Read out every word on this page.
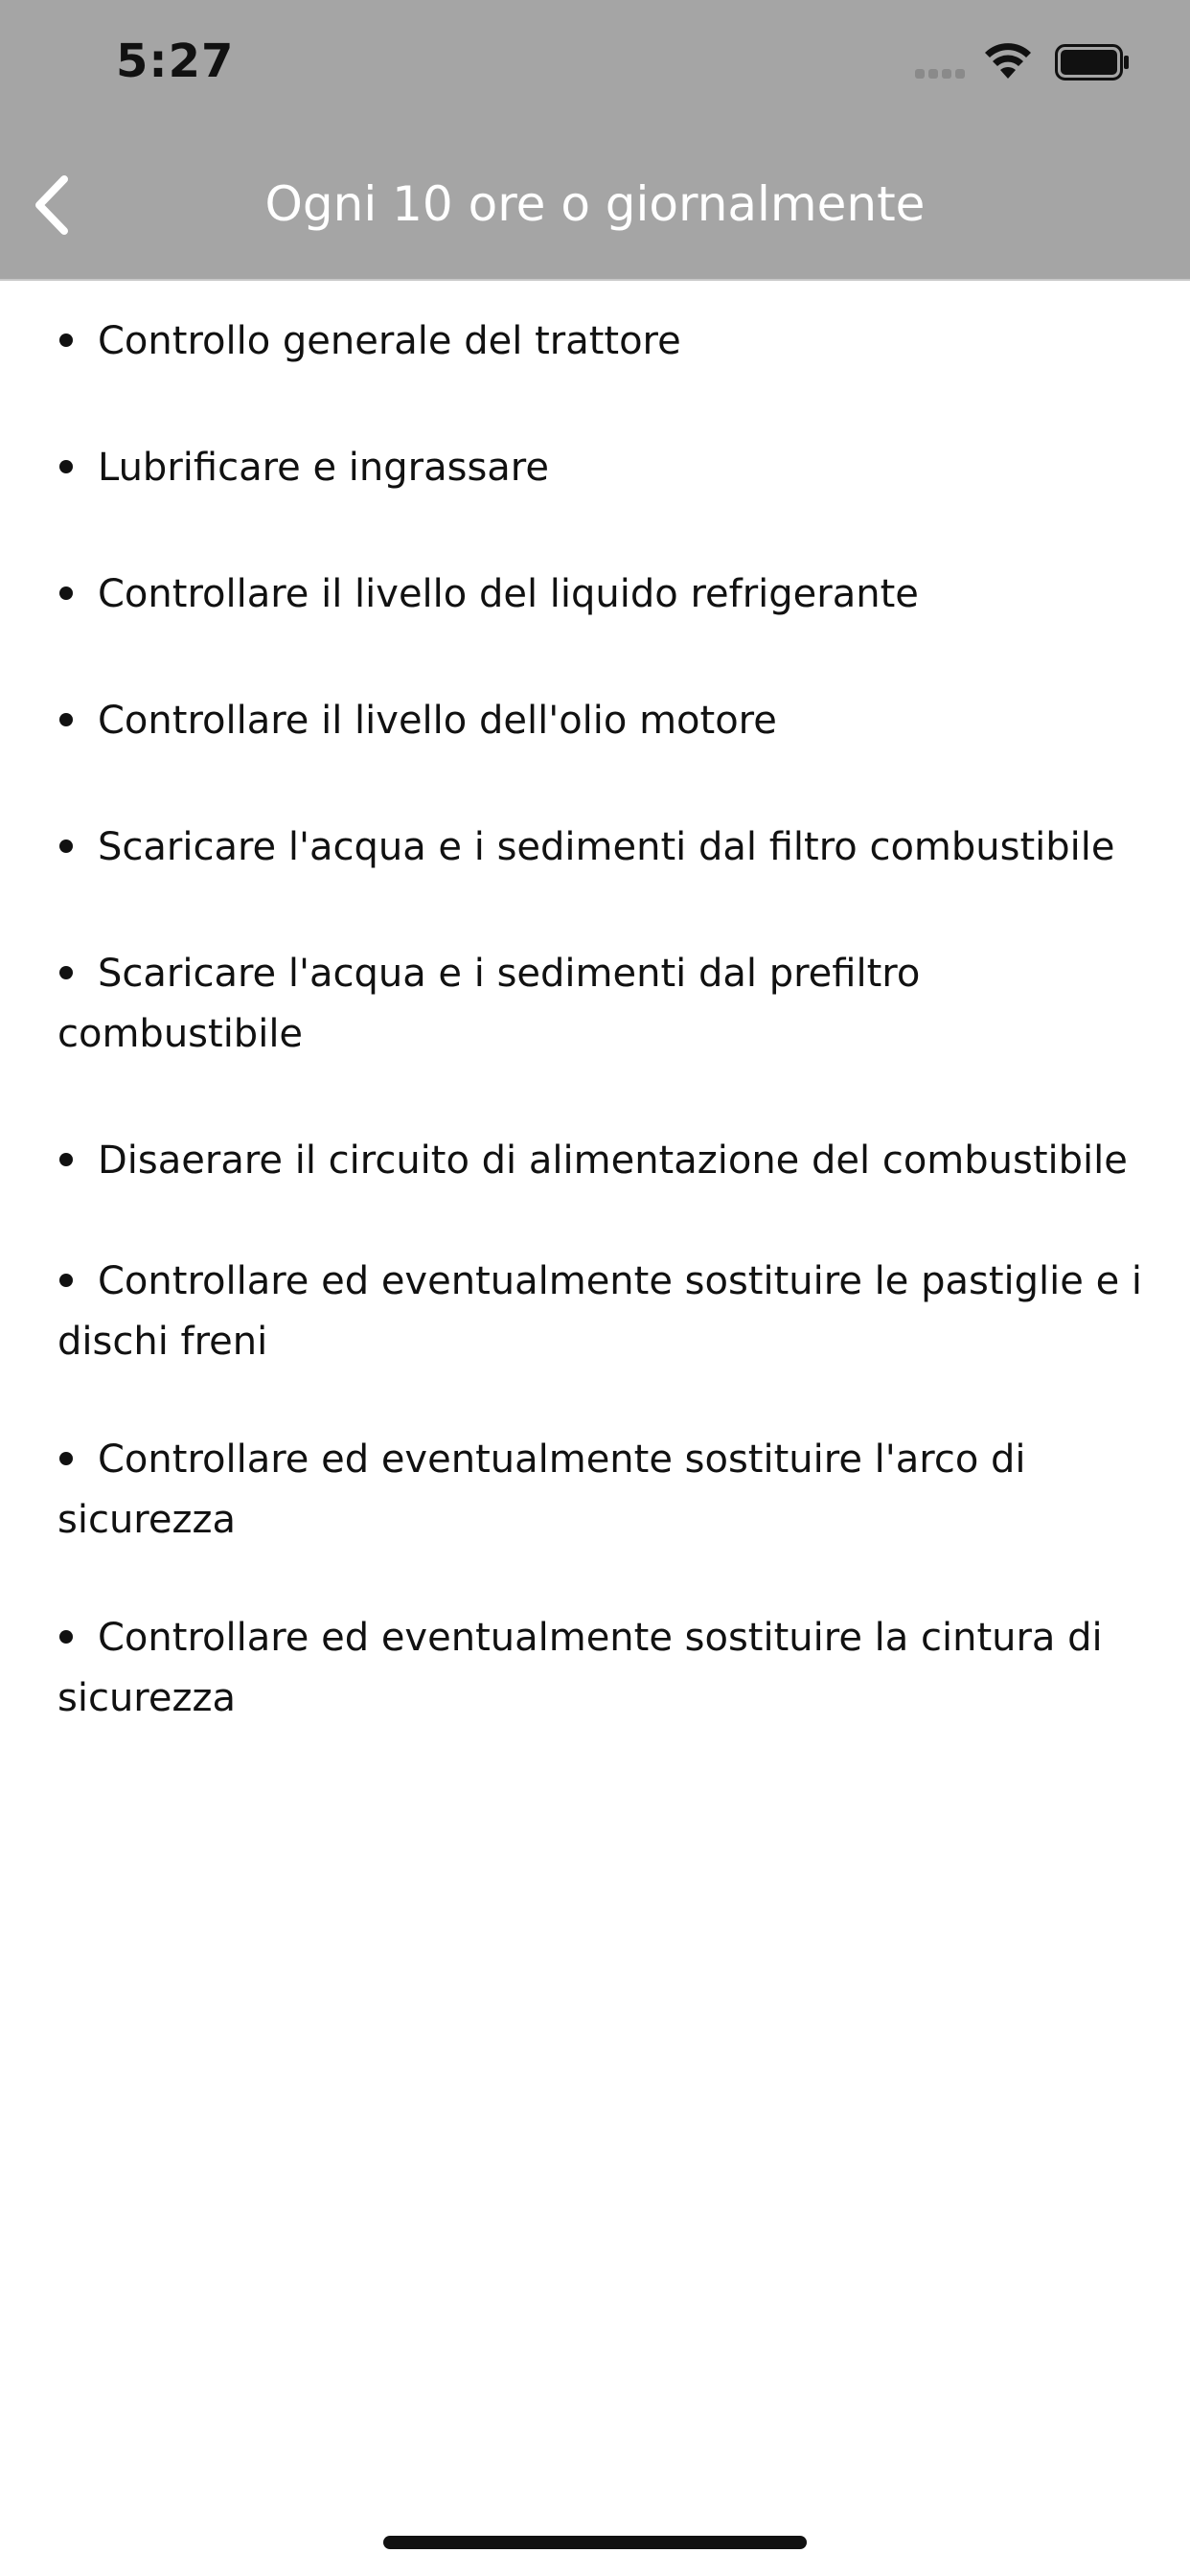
5:27
Ogni 10 ore o giornalmente
Controllo generale del trattore
Lubrificare e ingrassare
Controllare il livello del liquido refrigerante
Controllare il livello dell'olio motore
Scaricare l'acqua e i sedimenti dal filtro combustibile
Scaricare l'acqua e i sedimenti dal prefiltro combustibile
Disaerare il circuito di alimentazione del combustibile
Controllare ed eventualmente sostituire le pastiglie e i dischi freni
Controllare ed eventualmente sostituire l'arco di sicurezza
Controllare ed eventualmente sostituire la cintura di sicurezza
